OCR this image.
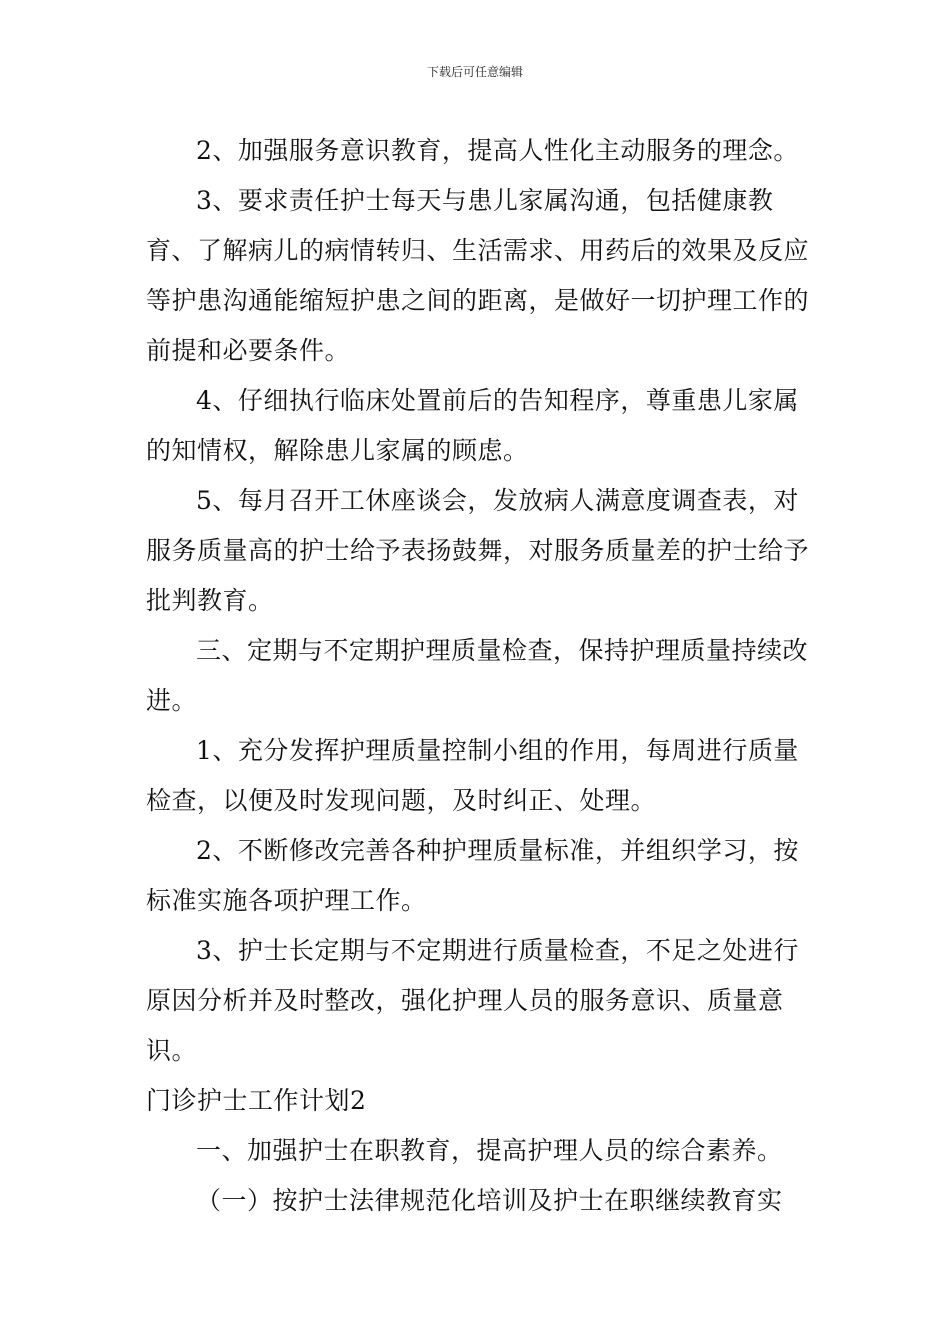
下载后可任意编辑

2、加强服务意识教育，提高人性化主动服务的理念。

3、要求责任护士每天与患儿家属沟通，包括健康教育、了解病儿的病情转归、生活需求、用药后的效果及反应等护患沟通能缩短护患之间的距离，是做好一切护理工作的前提和必要条件。

4、仔细执行临床处置前后的告知程序，尊重患儿家属的知情权，解除患儿家属的顾虑。

5、每月召开工休座谈会，发放病人满意度调查表，对服务质量高的护士给予表扬鼓舞，对服务质量差的护士给予批判教育。

三、定期与不定期护理质量检查，保持护理质量持续改进。

1、充分发挥护理质量控制小组的作用，每周进行质量检查，以便及时发现问题，及时纠正、处理。

2、不断修改完善各种护理质量标准，并组织学习，按标准实施各项护理工作。

3、护士长定期与不定期进行质量检查，不足之处进行原因分析并及时整改，强化护理人员的服务意识、质量意识。

门诊护士工作计划2

一、加强护士在职教育，提高护理人员的综合素养。

（一）按护士法律规范化培训及护士在职继续教育实
